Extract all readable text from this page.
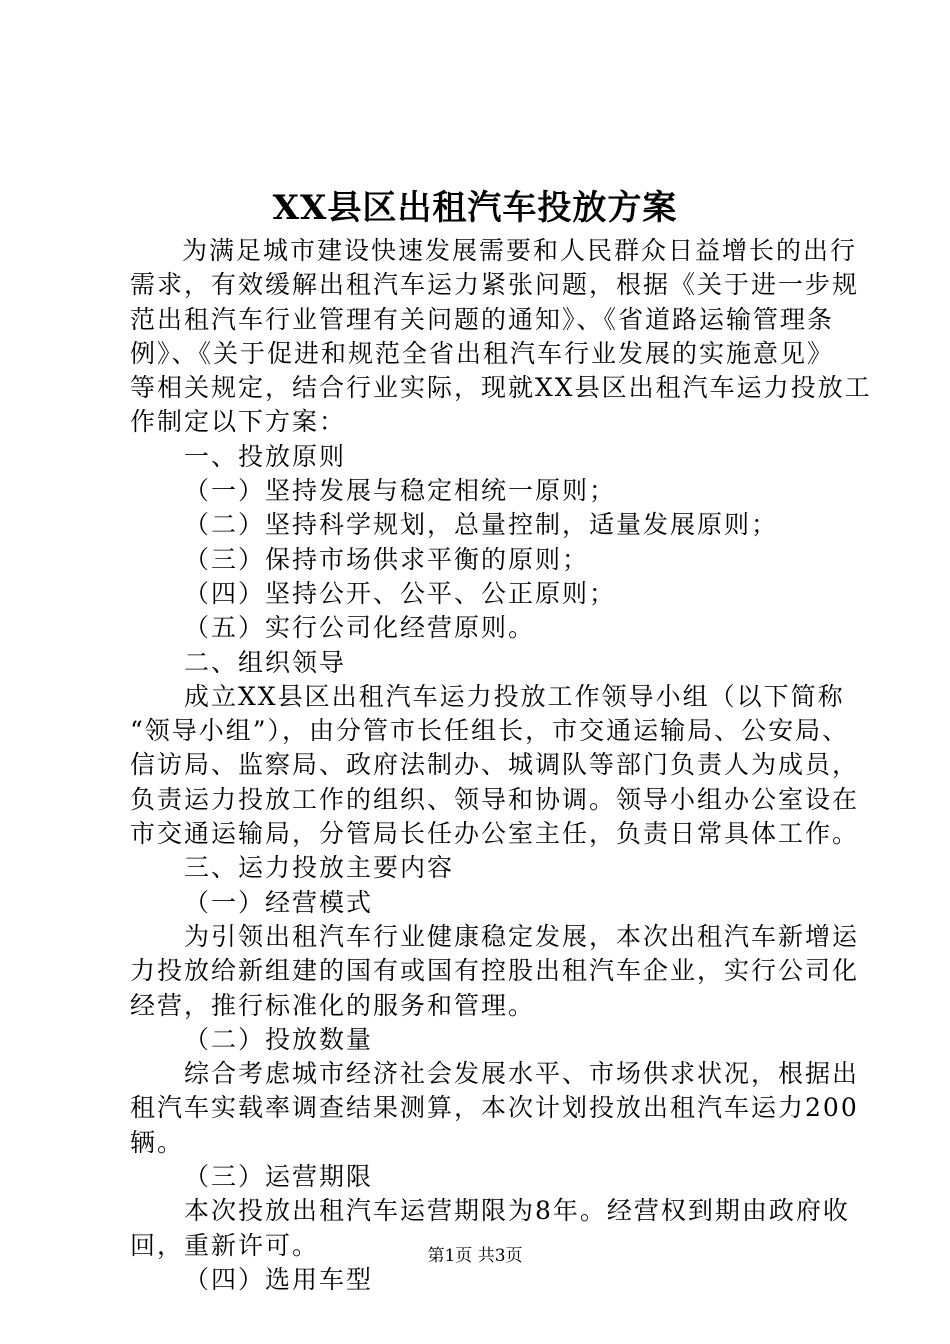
XX县区出租汽车投放方案
为满足城市建设快速发展需要和人民群众日益增长的出行
需求，有效缓解出租汽车运力紧张问题，根据《关于进一步规
范出租汽车行业管理有关问题的通知》、《省道路运输管理条
例》、《关于促进和规范全省出租汽车行业发展的实施意见》
等相关规定，结合行业实际，现就XX县区出租汽车运力投放工
作制定以下方案：
一、投放原则
（一）坚持发展与稳定相统一原则；
（二）坚持科学规划，总量控制，适量发展原则；
（三）保持市场供求平衡的原则；
（四）坚持公开、公平、公正原则；
（五）实行公司化经营原则。
二、组织领导
成立XX县区出租汽车运力投放工作领导小组（以下简称
“领导小组”），由分管市长任组长，市交通运输局、公安局、
信访局、监察局、政府法制办、城调队等部门负责人为成员，
负责运力投放工作的组织、领导和协调。领导小组办公室设在
市交通运输局，分管局长任办公室主任，负责日常具体工作。
三、运力投放主要内容
（一）经营模式
为引领出租汽车行业健康稳定发展，本次出租汽车新增运
力投放给新组建的国有或国有控股出租汽车企业，实行公司化
经营，推行标准化的服务和管理。
（二）投放数量
综合考虑城市经济社会发展水平、市场供求状况，根据出
租汽车实载率调查结果测算，本次计划投放出租汽车运力200
辆。
（三）运营期限
本次投放出租汽车运营期限为8年。经营权到期由政府收
回，重新许可。
（四）选用车型
第1页 共3页
